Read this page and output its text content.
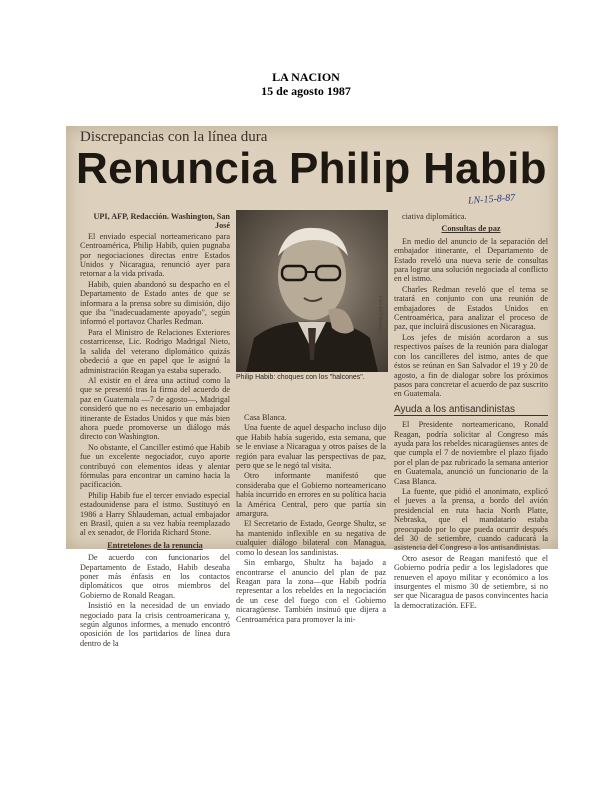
LA NACION
15 de agosto 1987
Discrepancias con la línea dura
Renuncia Philip Habib
LN-15-8-87

UPI, AFP, Redacción. Washington, San José

El enviado especial norteamericano para Centroamérica, Philip Habib, quien pugnaba por negociaciones directas entre Estados Unidos y Nicaragua, renunció ayer para retornar a la vida privada.

Habib, quien abandonó su despacho en el Departamento de Estado antes de que se informara a la prensa sobre su dimisión, dijo que iba "inadecuadamente apoyado", según informó el portavoz Charles Redman.

Para el Ministro de Relaciones Exteriores costarricense, Lic. Rodrigo Madrigal Nieto, la salida del veterano diplomático quizás obedeció a que en papel que le asignó la administración Reagan ya estaba superado.

Al existir en el área una actitud como la que se presentó tras la firma del acuerdo de paz en Guatemala —7 de agosto—, Madrigal consideró que no es necesario un embajador itinerante de Estados Unidos y que más bien ahora puede promoverse un diálogo más directo con Washington.

No obstante, el Canciller estimó que Habib fue un excelente negociador, cuyo aporte contribuyó con elementos ideas y alentar fórmulas para encontrar un camino hacia la pacificación.

Philip Habib fue el tercer enviado especial estadounidense para el istmo. Sustituyó en 1986 a Harry Shlaudeman, actual embajador en Brasil, quien a su vez había reemplazado al ex senador, de Florida Richard Stone.

Entretelones de la renuncia

De acuerdo con funcionarios del Departamento de Estado, Habib deseaba poner más énfasis en los contactos diplomáticos que otros miembros del Gobierno de Ronald Reagan.

Insistió en la necesidad de un enviado negociado para la crisis centroamericana y, según algunos informes, a menudo encontró oposición de los partidarios de línea dura dentro de la

Foto AFP/Archivo
Philip Habib: choques con los "halcones".

Casa Blanca.

Una fuente de aquel despacho incluso dijo que Habib había sugerido, esta semana, que se le enviase a Nicaragua y otros países de la región para evaluar las perspectivas de paz, pero que se le negó tal visita.

Otro informante manifestó que consideraba que el Gobierno norteamericano había incurrido en errores en su política hacia la América Central, pero que partía sin amargura.

El Secretario de Estado, George Shultz, se ha mantenido inflexible en su negativa de cualquier diálogo bilateral con Managua, como lo desean los sandinistas.

Sin embargo, Shultz ha bajado a encontrarse el anuncio del plan de paz Reagan para la zona—que Habib podría representar a los rebeldes en la negociación de un cese del fuego con el Gobierno nicaragüense. También insinuó que dijera a Centroamérica para promover la ini-

ciativa diplomática.

Consultas de paz

En medio del anuncio de la separación del embajador itinerante, el Departamento de Estado reveló una nueva serie de consultas para lograr una solución negociada al conflicto en el istmo.

Charles Redman reveló que el tema se tratará en conjunto con una reunión de embajadores de Estados Unidos en Centroamérica, para analizar el proceso de paz, que incluirá discusiones en Nicaragua.

Los jefes de misión acordaron a sus respectivos países de la reunión para dialogar con los cancilleres del istmo, antes de que éstos se reúnan en San Salvador el 19 y 20 de agosto, a fin de dialogar sobre los próximos pasos para concretar el acuerdo de paz suscrito en Guatemala.

Ayuda a los antisandinistas

El Presidente norteamericano, Ronald Reagan, podría solicitar al Congreso más ayuda para los rebeldes nicaragüenses antes de que cumpla el 7 de noviembre el plazo fijado por el plan de paz rubricado la semana anterior en Guatemala, anunció un funcionario de la Casa Blanca.

La fuente, que pidió el anonimato, explicó el jueves a la prensa, a bordo del avión presidencial en ruta hacia North Platte, Nebraska, que el mandatario estaba preocupado por lo que pueda ocurrir después del 30 de setiembre, cuando caducará la asistencia del Congreso a los antisandinistas.

Otro asesor de Reagan manifestó que el Gobierno podría pedir a los legisladores que renueven el apoyo militar y económico a los insurgentes el mismo 30 de setiembre, si no ser que Nicaragua de pasos convincentes hacia la democratización. EFE.
